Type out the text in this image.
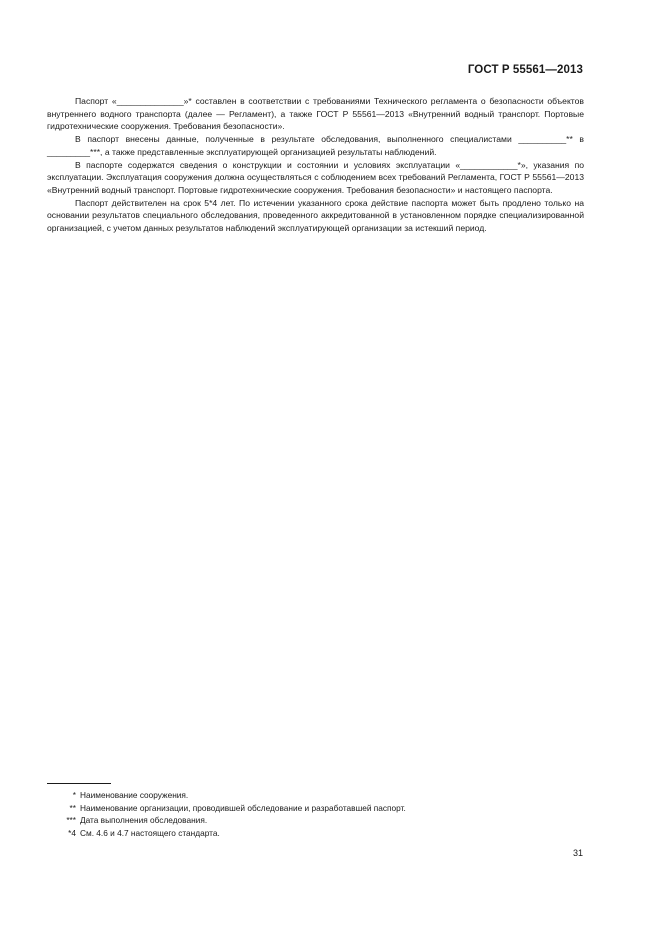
ГОСТ Р 55561—2013

Паспорт «______________»* составлен в соответствии с требованиями Технического регламента о безопасности объектов внутреннего водного транспорта (далее — Регламент), а также ГОСТ Р 55561—2013 «Внутренний водный транспорт. Портовые гидротехнические сооружения. Требования безопасности».

В паспорт внесены данные, полученные в результате обследования, выполненного специалистами __________** в _________***, а также представленные эксплуатирующей организацией результаты наблюдений.

В паспорте содержатся сведения о конструкции и состоянии и условиях эксплуатации «____________*», указания по эксплуатации. Эксплуатация сооружения должна осуществляться с соблюдением всех требований Регламента, ГОСТ Р 55561—2013 «Внутренний водный транспорт. Портовые гидротехнические сооружения. Требования безопасности» и настоящего паспорта.

Паспорт действителен на срок 5*4 лет. По истечении указанного срока действие паспорта может быть продлено только на основании результатов специального обследования, проведенного аккредитованной в установленном порядке специализированной организацией, с учетом данных результатов наблюдений эксплуатирующей организации за истекший период.

* Наименование сооружения.
** Наименование организации, проводившей обследование и разработавшей паспорт.
*** Дата выполнения обследования.
*4 См. 4.6 и 4.7 настоящего стандарта.
31
